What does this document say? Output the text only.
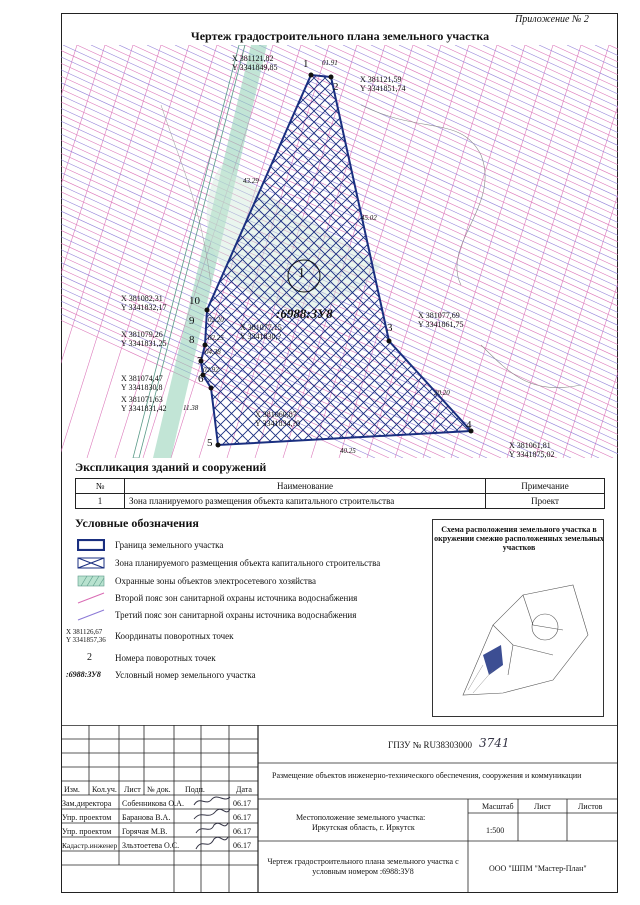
Приложение № 2
Чертеж градостроительного плана земельного участка
1
2
3
4
5
6
7
8
9
10
X 381121,82
Y 3341849,85
X 381121,59
Y 3341851,74
X 381077,69
Y 3341861,75
X 381061,81
Y 3341875,02
X 381071,63
Y 3341831,42
X 381074,47
Y 3341830,8
X 381079,26
Y 3341831,25
X 381077,15
Y 3341830,?
X 381082,31
Y 3341832,17
X 381060,87
Y 3341834,?0
01.91
43.29
45.02
20.20
40.25
11.38
02.20
02.25
04.38
02.92
1
:6988:ЗУ8
Экспликация зданий и сооружений
№	Наименование	Примечание
1	Зона планируемого размещения объекта капитального строительства	Проект
Условные обозначения
Граница земельного участка
Зона планируемого размещения объекта капитального строительства
Охранные зоны объектов электросетевого хозяйства
Второй пояс зон санитарной охраны источника водоснабжения
Третий пояс зон санитарной охраны источника водоснабжения
X 381126,67
Y 3341857,36 Координаты поворотных точек
2	Номера поворотных точек
:6988:ЗУ8 Условный номер земельного участка
Схема расположения земельного участка в окружении смежно расположенных земельных участков
Изм. Кол.уч. Лист № док. Подп.	Дата
Зам.директора Собенникова О.А.	06.17
Упр. проектом Баранова В.А.	06.17
Упр. проектом Горячая М.В.	06.17
Кадастр.инженер Зльзтоетева О.С.	06.17
ГПЗУ № RU38303000 3741
Размещение объектов инженерно-технического обеспечения, сооружения и коммуникации
Местоположение земельного участка:
Иркутская область, г. Иркутск
Масштаб	Лист	Листов
1:500
Чертеж градостроительного плана земельного участка с условным номером :6988:ЗУ8	ООО "ШПМ "Мастер-План"
